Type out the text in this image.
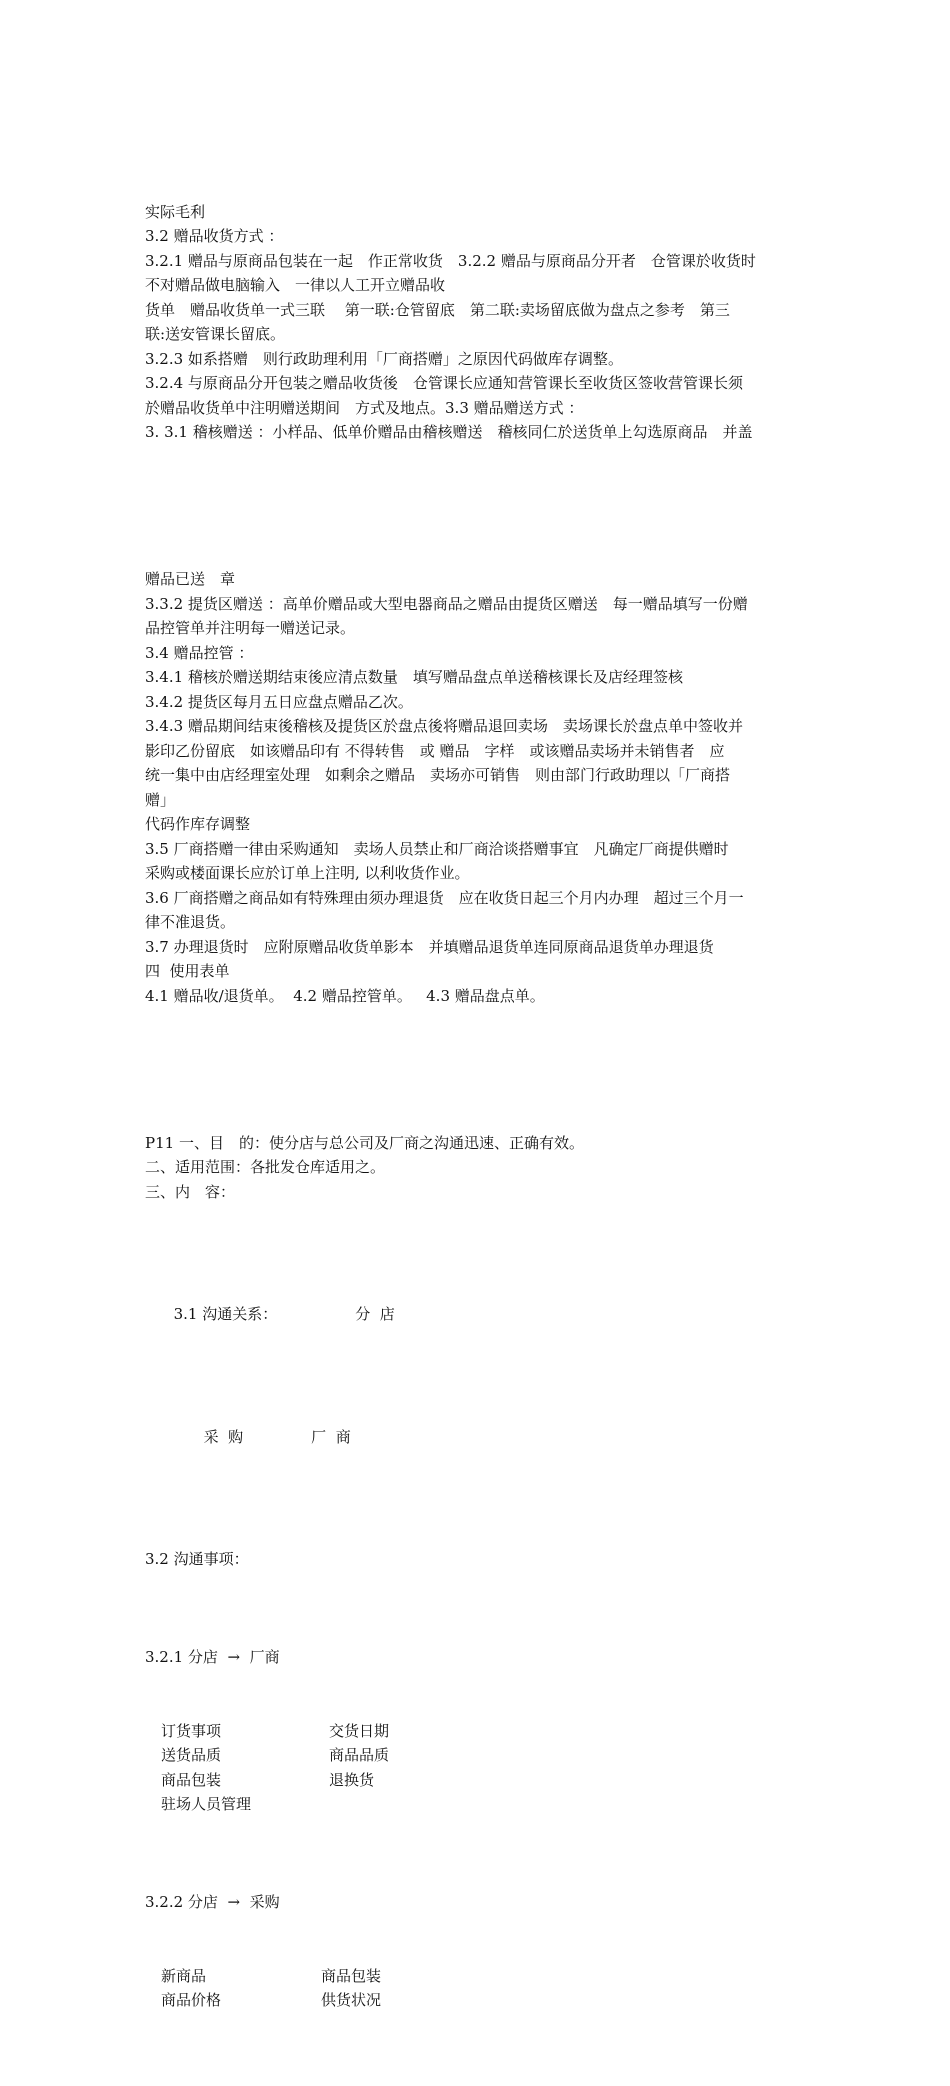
实际毛利
3.2 赠品收货方式 ：
3.2.1 赠品与原商品包装在一起　作正常收货　3.2.2 赠品与原商品分开者　仓管课於收货时
不对赠品做电脑输入　一律以人工开立赠品收
货单　赠品收货单一式三联　 第一联:仓管留底　第二联:卖场留底做为盘点之参考　第三
联:送安管课长留底。
3.2.3 如系搭赠　则行政助理利用「厂商搭赠」之原因代码做库存调整。
3.2.4 与原商品分开包装之赠品收货後　仓管课长应通知营管课长至收货区签收营管课长须
於赠品收货单中注明赠送期间　方式及地点。3.3 赠品赠送方式 ：
3. 3.1 稽核赠送 ：小样品、低单价赠品由稽核赠送　稽核同仁於送货单上勾选原商品　并盖

赠品已送　章
3.3.2 提货区赠送 ：高单价赠品或大型电器商品之赠品由提货区赠送　每一赠品填写一份赠
品控管单并注明每一赠送记录。
3.4 赠品控管 ：
3.4.1 稽核於赠送期结束後应清点数量　填写赠品盘点单送稽核课长及店经理签核
3.4.2 提货区每月五日应盘点赠品乙次。
3.4.3 赠品期间结束後稽核及提货区於盘点後将赠品退回卖场　卖场课长於盘点单中签收并
影印乙份留底　如该赠品印有 不得转售　或 赠品　字样　或该赠品卖场并未销售者　应
统一集中由店经理室处理　如剩余之赠品　卖场亦可销售　则由部门行政助理以「厂商搭
赠」
代码作库存调整
3.5 厂商搭赠一律由采购通知　卖场人员禁止和厂商洽谈搭赠事宜　凡确定厂商提供赠时
采购或楼面课长应於订单上注明, 以利收货作业。
3.6 厂商搭赠之商品如有特殊理由须办理退货　应在收货日起三个月内办理　超过三个月一
律不准退货。
3.7 办理退货时　应附原赠品收货单影本　并填赠品退货单连同原商品退货单办理退货
四  使用表单
4.1 赠品收/退货单。  4.2 赠品控管单。   4.3 赠品盘点单。

P11 一、目　的：使分店与总公司及厂商之沟通迅速、正确有效。
二、适用范围：各批发仓库适用之。
三、内　容：

3.1 沟通关系：	分  店

采  购	厂  商

3.2 沟通事项：

3.2.1 分店  →  厂商

订货事项	交货日期
送货品质	商品品质
商品包装	退换货
驻场人员管理

3.2.2 分店  →  采购

新商品	商品包装
商品价格	供货状况
